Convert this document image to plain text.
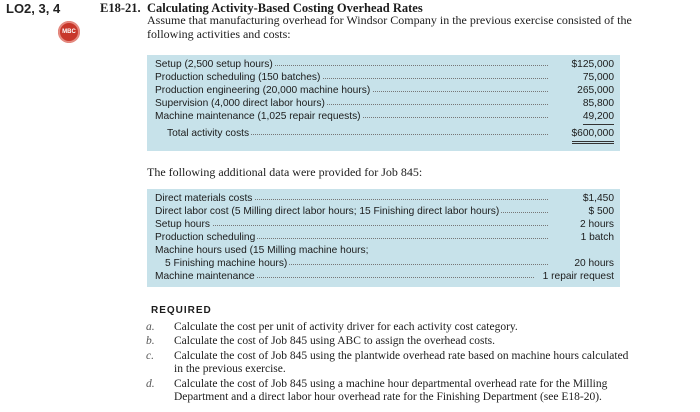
LO2, 3, 4
MBC
E18-21. Calculating Activity-Based Costing Overhead Rates
Assume that manufacturing overhead for Windsor Company in the previous exercise consisted of the following activities and costs:
Setup (2,500 setup hours)	$125,000
Production scheduling (150 batches)	75,000
Production engineering (20,000 machine hours)	265,000
Supervision (4,000 direct labor hours)	85,800
Machine maintenance (1,025 repair requests)	49,200
Total activity costs	$600,000
The following additional data were provided for Job 845:
Direct materials costs	$1,450
Direct labor cost (5 Milling direct labor hours; 15 Finishing direct labor hours)	$ 500
Setup hours	2 hours
Production scheduling	1 batch
Machine hours used (15 Milling machine hours;
5 Finishing machine hours)	20 hours
Machine maintenance	1 repair request
REQUIRED
a. Calculate the cost per unit of activity driver for each activity cost category.
b. Calculate the cost of Job 845 using ABC to assign the overhead costs.
c. Calculate the cost of Job 845 using the plantwide overhead rate based on machine hours calculated in the previous exercise.
d. Calculate the cost of Job 845 using a machine hour departmental overhead rate for the Milling Department and a direct labor hour overhead rate for the Finishing Department (see E18-20).
